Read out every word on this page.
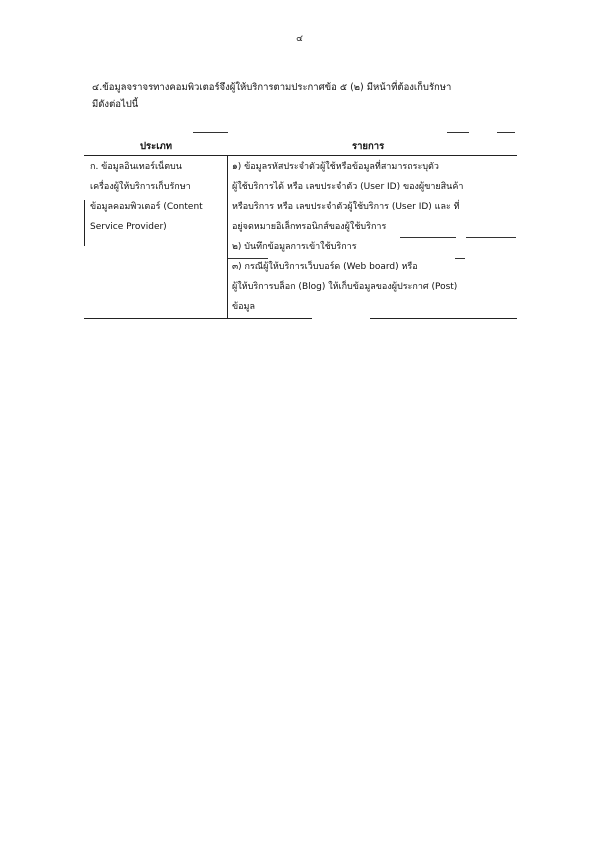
๔

๔.ข้อมูลจราจรทางคอมพิวเตอร์จึงผู้ให้บริการตามประกาศข้อ ๕ (๒) มีหน้าที่ต้องเก็บรักษา

มีดังต่อไปนี้

ประเภท	รายการ
ก. ข้อมูลอินเทอร์เน็ตบน
เครื่องผู้ให้บริการเก็บรักษา
ข้อมูลคอมพิวเตอร์ (Content
Service Provider)
๑) ข้อมูลรหัสประจำตัวผู้ใช้หรือข้อมูลที่สามารถระบุตัว
ผู้ใช้บริการได้ หรือ เลขประจำตัว (User ID) ของผู้ขายสินค้า
หรือบริการ หรือ เลขประจำตัวผู้ใช้บริการ (User ID) และ ที่
อยู่จดหมายอิเล็กทรอนิกส์ของผู้ใช้บริการ
๒) บันทึกข้อมูลการเข้าใช้บริการ
๓) กรณีผู้ให้บริการเว็บบอร์ด (Web board) หรือ
ผู้ให้บริการบล็อก (Blog) ให้เก็บข้อมูลของผู้ประกาศ (Post)
ข้อมูล
